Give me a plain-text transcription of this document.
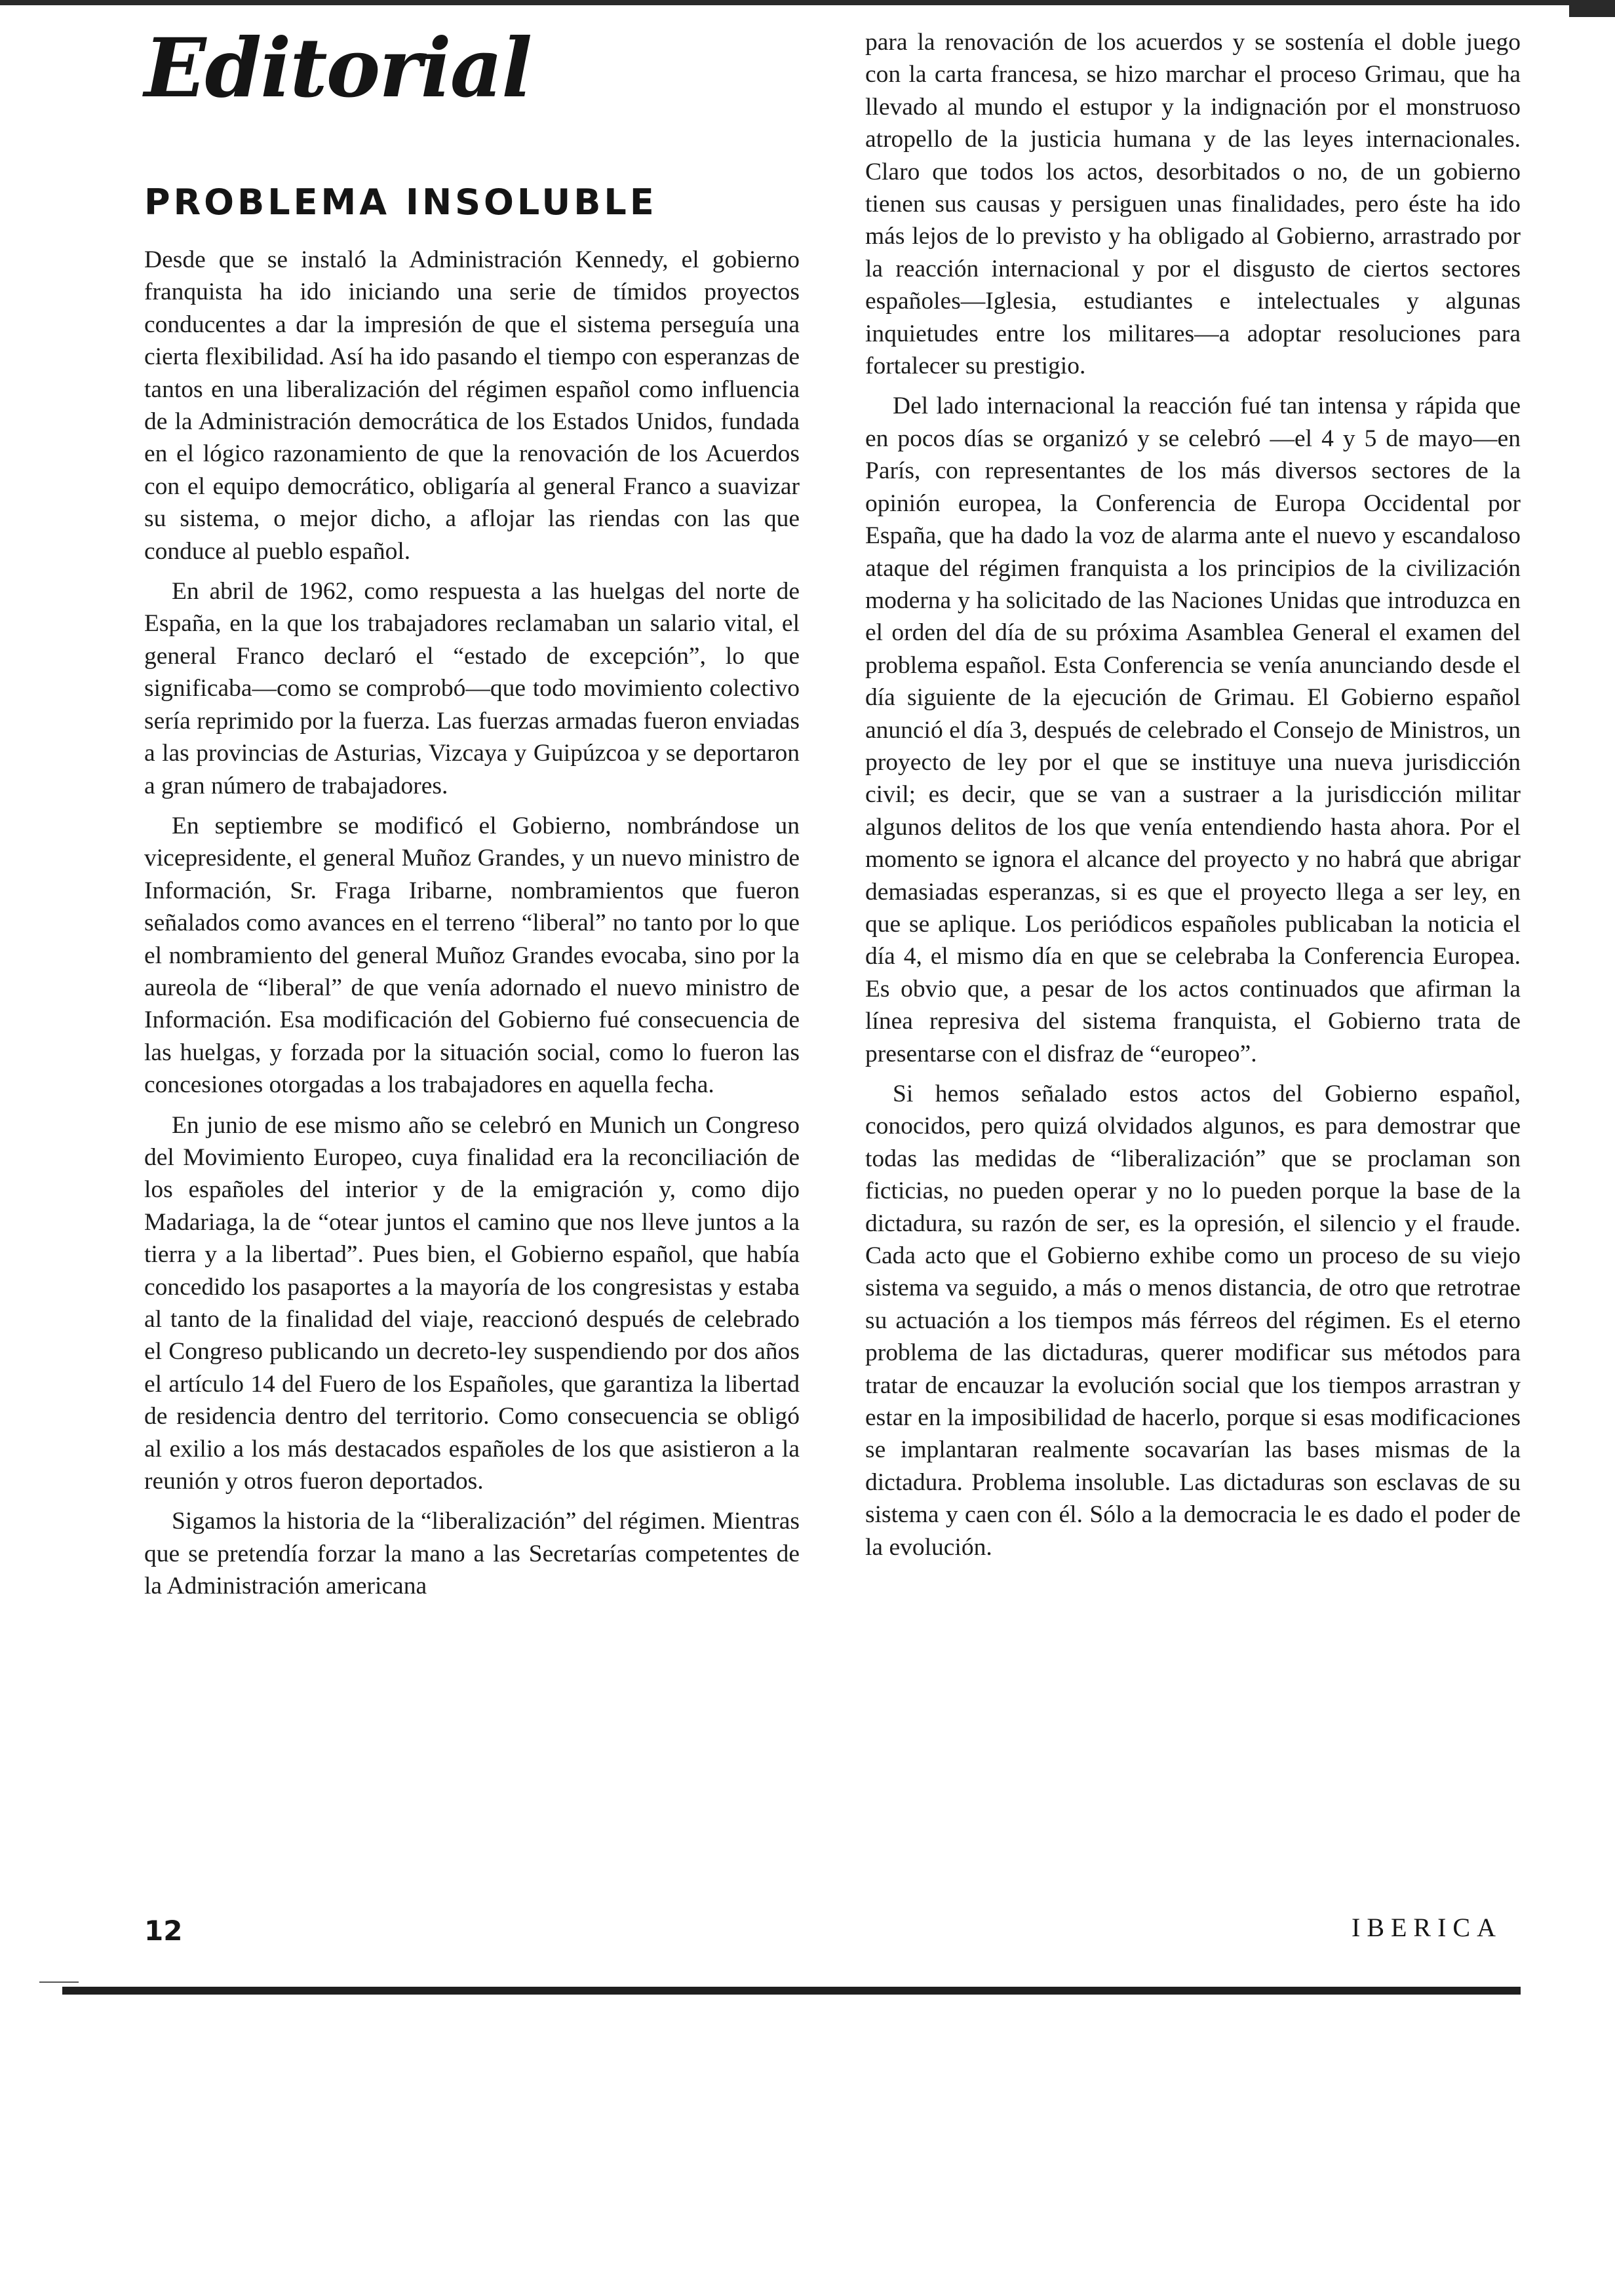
Editorial
PROBLEMA INSOLUBLE

Desde que se instaló la Administración Kennedy, el gobierno franquista ha ido iniciando una serie de tímidos proyectos conducentes a dar la impresión de que el sistema perseguía una cierta flexibilidad. Así ha ido pasando el tiempo con esperanzas de tantos en una liberalización del régimen español como influencia de la Administración democrática de los Estados Unidos, fundada en el lógico razonamiento de que la renovación de los Acuerdos con el equipo democrático, obligaría al general Franco a suavizar su sistema, o mejor dicho, a aflojar las riendas con las que conduce al pueblo español.

En abril de 1962, como respuesta a las huelgas del norte de España, en la que los trabajadores reclamaban un salario vital, el general Franco declaró el “estado de excepción”, lo que significaba—como se comprobó—que todo movimiento colectivo sería reprimido por la fuerza. Las fuerzas armadas fueron enviadas a las provincias de Asturias, Vizcaya y Guipúzcoa y se deportaron a gran número de trabajadores.

En septiembre se modificó el Gobierno, nombrándose un vicepresidente, el general Muñoz Grandes, y un nuevo ministro de Información, Sr. Fraga Iribarne, nombramientos que fueron señalados como avances en el terreno “liberal” no tanto por lo que el nombramiento del general Muñoz Grandes evocaba, sino por la aureola de “liberal” de que venía adornado el nuevo ministro de Información. Esa modificación del Gobierno fué consecuencia de las huelgas, y forzada por la situación social, como lo fueron las concesiones otorgadas a los trabajadores en aquella fecha.

En junio de ese mismo año se celebró en Munich un Congreso del Movimiento Europeo, cuya finalidad era la reconciliación de los españoles del interior y de la emigración y, como dijo Madariaga, la de “otear juntos el camino que nos lleve juntos a la tierra y a la libertad”. Pues bien, el Gobierno español, que había concedido los pasaportes a la mayoría de los congresistas y estaba al tanto de la finalidad del viaje, reaccionó después de celebrado el Congreso publicando un decreto-ley suspendiendo por dos años el artículo 14 del Fuero de los Españoles, que garantiza la libertad de residencia dentro del territorio. Como consecuencia se obligó al exilio a los más destacados españoles de los que asistieron a la reunión y otros fueron deportados.

Sigamos la historia de la “liberalización” del régimen. Mientras que se pretendía forzar la mano a las Secretarías competentes de la Administración americana

para la renovación de los acuerdos y se sostenía el doble juego con la carta francesa, se hizo marchar el proceso Grimau, que ha llevado al mundo el estupor y la indignación por el monstruoso atropello de la justicia humana y de las leyes internacionales. Claro que todos los actos, desorbitados o no, de un gobierno tienen sus causas y persiguen unas finalidades, pero éste ha ido más lejos de lo previsto y ha obligado al Gobierno, arrastrado por la reacción internacional y por el disgusto de ciertos sectores españoles—Iglesia, estudiantes e intelectuales y algunas inquietudes entre los militares—a adoptar resoluciones para fortalecer su prestigio.

Del lado internacional la reacción fué tan intensa y rápida que en pocos días se organizó y se celebró —el 4 y 5 de mayo—en París, con representantes de los más diversos sectores de la opinión europea, la Conferencia de Europa Occidental por España, que ha dado la voz de alarma ante el nuevo y escandaloso ataque del régimen franquista a los principios de la civilización moderna y ha solicitado de las Naciones Unidas que introduzca en el orden del día de su próxima Asamblea General el examen del problema español. Esta Conferencia se venía anunciando desde el día siguiente de la ejecución de Grimau. El Gobierno español anunció el día 3, después de celebrado el Consejo de Ministros, un proyecto de ley por el que se instituye una nueva jurisdicción civil; es decir, que se van a sustraer a la jurisdicción militar algunos delitos de los que venía entendiendo hasta ahora. Por el momento se ignora el alcance del proyecto y no habrá que abrigar demasiadas esperanzas, si es que el proyecto llega a ser ley, en que se aplique. Los periódicos españoles publicaban la noticia el día 4, el mismo día en que se celebraba la Conferencia Europea. Es obvio que, a pesar de los actos continuados que afirman la línea represiva del sistema franquista, el Gobierno trata de presentarse con el disfraz de “europeo”.

Si hemos señalado estos actos del Gobierno español, conocidos, pero quizá olvidados algunos, es para demostrar que todas las medidas de “liberalización” que se proclaman son ficticias, no pueden operar y no lo pueden porque la base de la dictadura, su razón de ser, es la opresión, el silencio y el fraude. Cada acto que el Gobierno exhibe como un proceso de su viejo sistema va seguido, a más o menos distancia, de otro que retrotrae su actuación a los tiempos más férreos del régimen. Es el eterno problema de las dictaduras, querer modificar sus métodos para tratar de encauzar la evolución social que los tiempos arrastran y estar en la imposibilidad de hacerlo, porque si esas modificaciones se implantaran realmente socavarían las bases mismas de la dictadura. Problema insoluble. Las dictaduras son esclavas de su sistema y caen con él. Sólo a la democracia le es dado el poder de la evolución.

12	IBERICA
